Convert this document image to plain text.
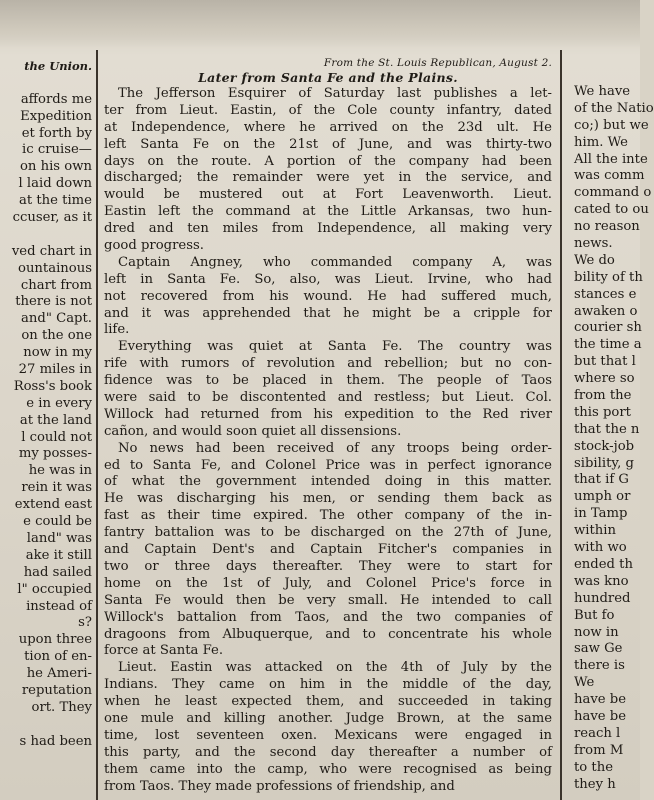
the Union.
affords me
Expedition
et forth by
ic cruise—
on his own
l laid down
at the time
ccuser, as it
ved chart in
ountainous
chart from
there is not
and" Capt.
on the one
now in my
27 miles in
Ross's book
e in every
at the land
l could not
my posses-
he was in
rein it was
extend east
e could be
land" was
ake it still
had sailed
l" occupied
instead of
s?
upon three
tion of en-
he Ameri-
reputation
ort. They
s had been
From the St. Louis Republican, August 2.
Later from Santa Fe and the Plains.
The Jefferson Esquirer of Saturday last publishes a let-
ter from Lieut. Eastin, of the Cole county infantry, dated
at Independence, where he arrived on the 23d ult. He
left Santa Fe on the 21st of June, and was thirty-two
days on the route. A portion of the company had been
discharged; the remainder were yet in the service, and
would be mustered out at Fort Leavenworth. Lieut.
Eastin left the command at the Little Arkansas, two hun-
dred and ten miles from Independence, all making very
good progress.
Captain Angney, who commanded company A, was
left in Santa Fe. So, also, was Lieut. Irvine, who had
not recovered from his wound. He had suffered much,
and it was apprehended that he might be a cripple for
life.
Everything was quiet at Santa Fe. The country was
rife with rumors of revolution and rebellion; but no con-
fidence was to be placed in them. The people of Taos
were said to be discontented and restless; but Lieut. Col.
Willock had returned from his expedition to the Red river
cañon, and would soon quiet all dissensions.
No news had been received of any troops being order-
ed to Santa Fe, and Colonel Price was in perfect ignorance
of what the government intended doing in this matter.
He was discharging his men, or sending them back as
fast as their time expired. The other company of the in-
fantry battalion was to be discharged on the 27th of June,
and Captain Dent's and Captain Fitcher's companies in
two or three days thereafter. They were to start for
home on the 1st of July, and Colonel Price's force in
Santa Fe would then be very small. He intended to call
Willock's battalion from Taos, and the two companies of
dragoons from Albuquerque, and to concentrate his whole
force at Santa Fe.
Lieut. Eastin was attacked on the 4th of July by the
Indians. They came on him in the middle of the day,
when he least expected them, and succeeded in taking
one mule and killing another. Judge Brown, at the same
time, lost seventeen oxen. Mexicans were engaged in
this party, and the second day thereafter a number of
them came into the camp, who were recognised as being
from Taos. They made professions of friendship, and
We have
of the Natio
co;) but we
him. We
All the inte
was comm
command o
cated to ou
no reason
news.
We do
bility of th
stances e
awaken o
courier sh
the time a
but that l
where so
from the
this port
that the n
stock-job
sibility, g
that if G
umph or
in Tamp
within
with wo
ended th
was kno
hundred
But fo
now in
saw Ge
there is
We
have be
have be
reach l
from M
to the
they h
